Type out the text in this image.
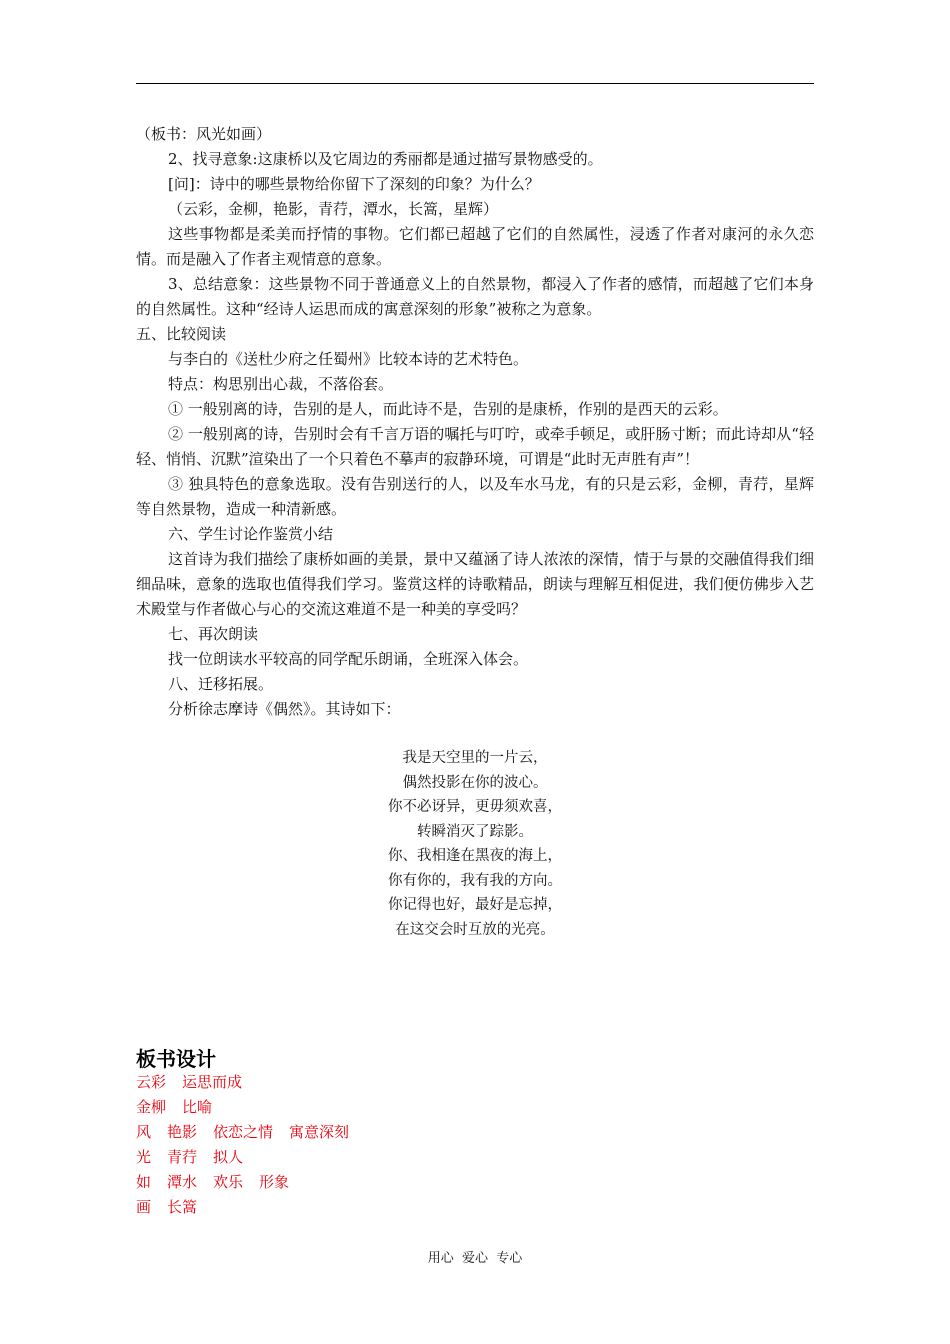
（板书：风光如画）

2、找寻意象:这康桥以及它周边的秀丽都是通过描写景物感受的。

[问]：诗中的哪些景物给你留下了深刻的印象？为什么？

（云彩，金柳，艳影，青荇，潭水，长篙，星辉）

这些事物都是柔美而抒情的事物。它们都已超越了它们的自然属性，浸透了作者对康河的永久恋情。而是融入了作者主观情意的意象。

3、总结意象：这些景物不同于普通意义上的自然景物，都浸入了作者的感情，而超越了它们本身的自然属性。这种“经诗人运思而成的寓意深刻的形象”被称之为意象。

五、比较阅读

与李白的《送杜少府之任蜀州》比较本诗的艺术特色。

特点：构思别出心裁，不落俗套。

① 一般别离的诗，告别的是人，而此诗不是，告别的是康桥，作别的是西天的云彩。

② 一般别离的诗，告别时会有千言万语的嘱托与叮咛，或牵手顿足，或肝肠寸断；而此诗却从“轻轻、悄悄、沉默”渲染出了一个只着色不摹声的寂静环境，可谓是“此时无声胜有声”！

③ 独具特色的意象选取。没有告别送行的人，以及车水马龙，有的只是云彩，金柳，青荇，星辉等自然景物，造成一种清新感。

六、学生讨论作鉴赏小结

这首诗为我们描绘了康桥如画的美景，景中又蕴涵了诗人浓浓的深情，情于与景的交融值得我们细细品味，意象的选取也值得我们学习。鉴赏这样的诗歌精品，朗读与理解互相促进，我们便仿佛步入艺术殿堂与作者做心与心的交流这难道不是一种美的享受吗？

七、再次朗读

找一位朗读水平较高的同学配乐朗诵，全班深入体会。

八、迁移拓展。

分析徐志摩诗《偶然》。其诗如下：

我是天空里的一片云，
偶然投影在你的波心。
你不必讶异，更毋须欢喜，
转瞬消灭了踪影。
你、我相逢在黑夜的海上，
你有你的，我有我的方向。
你记得也好，最好是忘掉，
在这交会时互放的光亮。
板书设计
云彩 运思而成
金柳 比喻
风 艳影 依恋之情 寓意深刻
光 青荇 拟人
如 潭水 欢乐 形象
画 长篙
用心  爱心  专心
